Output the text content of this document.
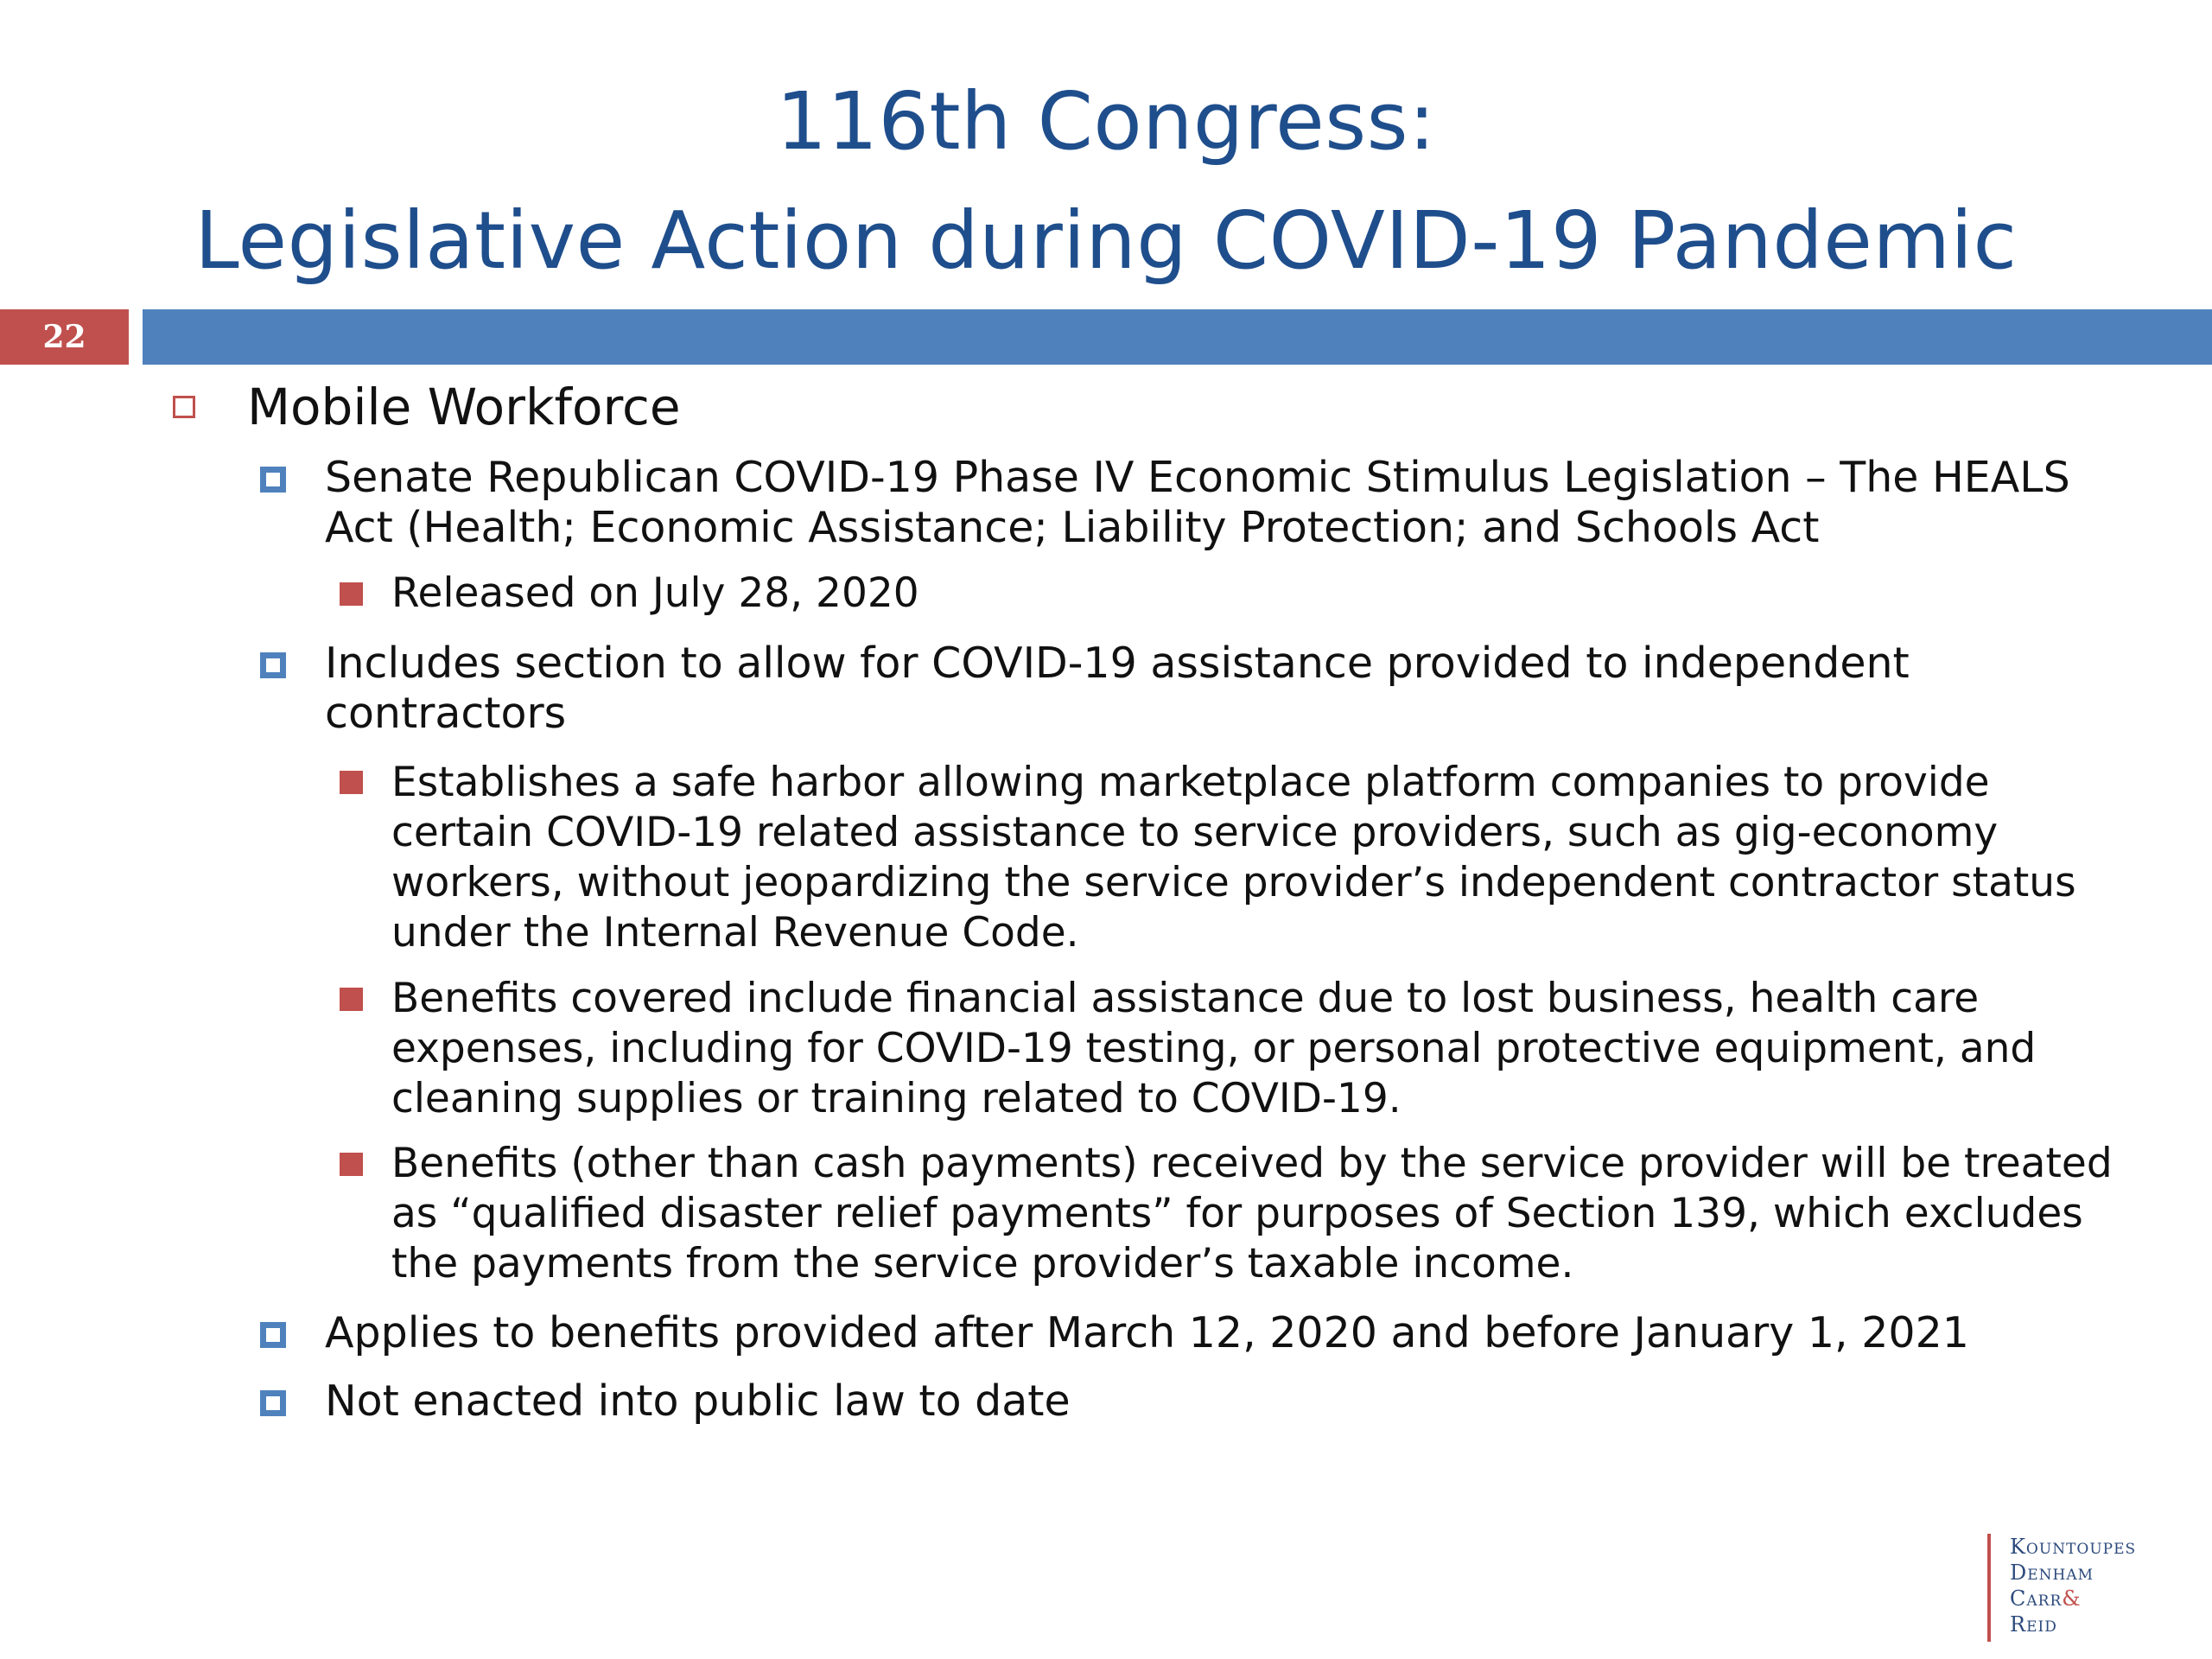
116th Congress:
Legislative Action during COVID-19 Pandemic
22
Mobile Workforce
Senate Republican COVID-19 Phase IV Economic Stimulus Legislation – The HEALS Act (Health; Economic Assistance; Liability Protection; and Schools Act
Released on July 28, 2020
Includes section to allow for COVID-19 assistance provided to independent contractors
Establishes a safe harbor allowing marketplace platform companies to provide certain COVID-19 related assistance to service providers, such as gig-economy workers, without jeopardizing the service provider’s independent contractor status under the Internal Revenue Code.
Benefits covered include financial assistance due to lost business, health care expenses, including for COVID-19 testing, or personal protective equipment, and cleaning supplies or training related to COVID-19.
Benefits (other than cash payments) received by the service provider will be treated as “qualified disaster relief payments” for purposes of Section 139, which excludes the payments from the service provider’s taxable income.
Applies to benefits provided after March 12, 2020 and before January 1, 2021
Not enacted into public law to date
Kountoupes
Denham
Carr&
Reid
